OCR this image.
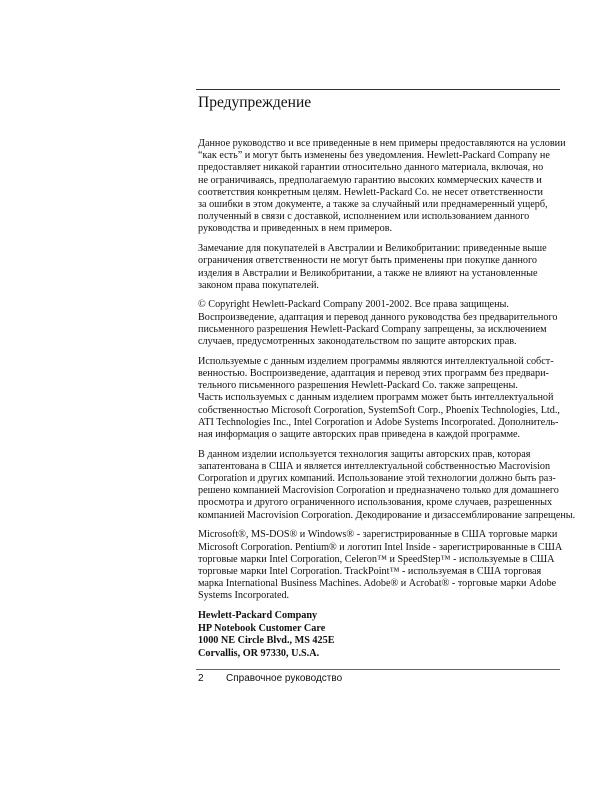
Предупреждение

Данное руководство и все приведенные в нем примеры предоставляются на условии
“как есть” и могут быть изменены без уведомления. Hewlett-Packard Company не
предоставляет никакой гарантии относительно данного материала, включая, но
не ограничиваясь, предполагаемую гарантию высоких коммерческих качеств и
соответствия конкретным целям. Hewlett-Packard Co. не несет ответственности
за ошибки в этом документе, а также за случайный или преднамеренный ущерб,
полученный в связи с доставкой, исполнением или использованием данного
руководства и приведенных в нем примеров.

Замечание для покупателей в Австралии и Великобритании: приведенные выше
ограничения ответственности не могут быть применены при покупке данного
изделия в Австралии и Великобритании, а также не влияют на установленные
законом права покупателей.

© Copyright Hewlett-Packard Company 2001-2002. Все права защищены.
Воспроизведение, адаптация и перевод данного руководства без предварительного
письменного разрешения Hewlett-Packard Company запрещены, за исключением
случаев, предусмотренных законодательством по защите авторских прав.

Используемые с данным изделием программы являются интеллектуальной собст-
венностью. Воспроизведение, адаптация и перевод этих программ без предвари-
тельного письменного разрешения Hewlett-Packard Co. также запрещены.
Часть используемых с данным изделием программ может быть интеллектуальной
собственностью Microsoft Corporation, SystemSoft Corp., Phoenix Technologies, Ltd.,
ATI Technologies Inc., Intel Corporation и Adobe Systems Incorporated. Дополнитель-
ная информация о защите авторских прав приведена в каждой программе.

В данном изделии используется технология защиты авторских прав, которая
запатентована в США и является интеллектуальной собственностью Macrovision
Corporation и других компаний. Использование этой технологии должно быть раз-
решено компанией Macrovision Corporation и предназначено только для домашнего
просмотра и другого ограниченного использования, кроме случаев, разрешенных
компанией Macrovision Corporation. Декодирование и дизассемблирование запрещены.

Microsoft®, MS-DOS® и Windows® - зарегистрированные в США торговые марки
Microsoft Corporation. Pentium® и логотип Intel Inside - зарегистрированные в США
торговые марки Intel Corporation, Celeron™ и SpeedStep™ - используемые в США
торговые марки Intel Corporation. TrackPoint™ - используемая в США торговая
марка International Business Machines. Adobe® и Acrobat® - торговые марки Adobe
Systems Incorporated.

Hewlett-Packard Company
HP Notebook Customer Care
1000 NE Circle Blvd., MS 425E
Corvallis, OR 97330, U.S.A.
2 Справочное руководство
